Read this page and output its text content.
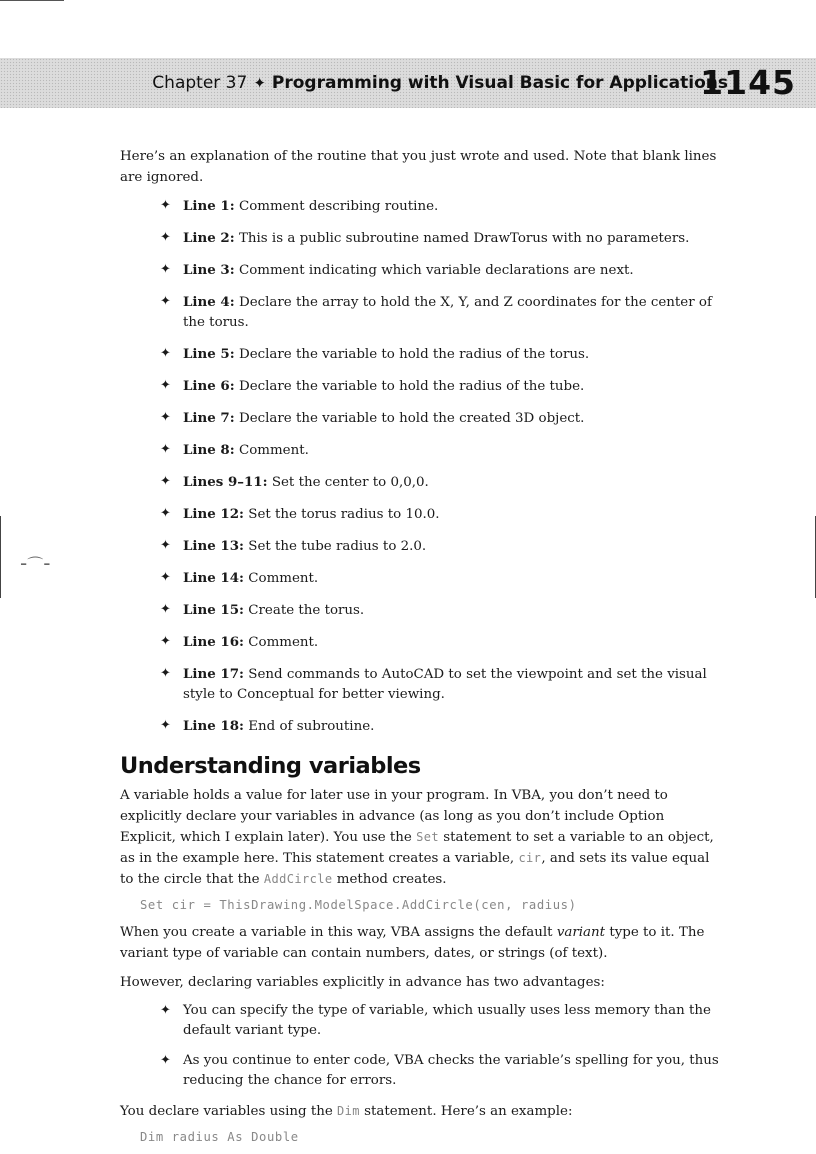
Chapter 37 ✦ Programming with Visual Basic for Applications
1145
-⌒-

Here’s an explanation of the routine that you just wrote and used. Note that blank lines are ignored.

✦ Line 1: Comment describing routine.
✦ Line 2: This is a public subroutine named DrawTorus with no parameters.
✦ Line 3: Comment indicating which variable declarations are next.
✦ Line 4: Declare the array to hold the X, Y, and Z coordinates for the center of the torus.
✦ Line 5: Declare the variable to hold the radius of the torus.
✦ Line 6: Declare the variable to hold the radius of the tube.
✦ Line 7: Declare the variable to hold the created 3D object.
✦ Line 8: Comment.
✦ Lines 9–11: Set the center to 0,0,0.
✦ Line 12: Set the torus radius to 10.0.
✦ Line 13: Set the tube radius to 2.0.
✦ Line 14: Comment.
✦ Line 15: Create the torus.
✦ Line 16: Comment.
✦ Line 17: Send commands to AutoCAD to set the viewpoint and set the visual style to Conceptual for better viewing.
✦ Line 18: End of subroutine.
Understanding variables

A variable holds a value for later use in your program. In VBA, you don’t need to explicitly declare your variables in advance (as long as you don’t include Option Explicit, which I explain later). You use the Set statement to set a variable to an object, as in the example here. This statement creates a variable, cir, and sets its value equal to the circle that the AddCircle method creates.

Set cir = ThisDrawing.ModelSpace.AddCircle(cen, radius)

When you create a variable in this way, VBA assigns the default variant type to it. The variant type of variable can contain numbers, dates, or strings (of text).

However, declaring variables explicitly in advance has two advantages:

✦ You can specify the type of variable, which usually uses less memory than the default variant type.
✦ As you continue to enter code, VBA checks the variable’s spelling for you, thus reducing the chance for errors.

You declare variables using the Dim statement. Here’s an example:

Dim radius As Double
